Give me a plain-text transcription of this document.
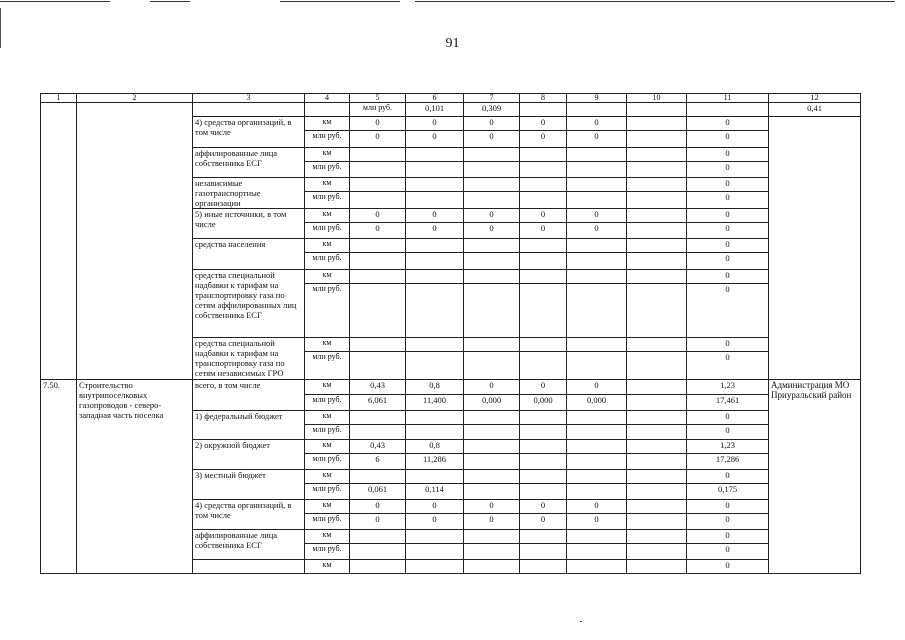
91
1	2	3	4	5	6	7	8	9	10	11	12	
				млн руб.	0,101	0,309					0,41		
		4) средства организаций, в том числе	км	0	0	0	0	0		0		
			млн руб.	0	0	0	0	0		0		
		аффилированные лица собственника ЕСГ	км							0		
			млн руб.							0		
		независимые газотранспортные организации	км							0		
			млн руб.							0		
		5) иные источники, в том числе	км	0	0	0	0	0		0		
			млн руб.	0	0	0	0	0		0		
		средства населения	км							0		
			млн руб.							0		
		средства специальной надбавки к тарифам на транспортировку газа по сетям аффилированных лиц собственника ЕСГ	км							0		
			млн руб.							0		
		средства специальной надбавки к тарифам на транспортировку газа по сетям независимых ГРО	км							0		
			млн руб.							0		
7.50.	Строительство внутрипоселковых газопроводов - северо-западная часть поселка	всего, в том числе	км	0,43	0,8	0	0	0		1,23	Администрация МО Приуральский район	
			млн руб.	6,061	11,400	0,000	0,000	0,000		17,461		
		1) федеральный бюджет	км							0		
			млн руб.							0		
		2) окружной бюджет	км	0,43	0,8					1,23		
			млн руб.	6	11,286					17,286		
		3) местный бюджет	км							0		
			млн руб.	0,061	0,114					0,175		
		4) средства организаций, в том числе	км	0	0	0	0	0		0		
			млн руб.	0	0	0	0	0		0		
		аффилированные лица собственника ЕСГ	км							0		
			млн руб.							0		
			км							0		
